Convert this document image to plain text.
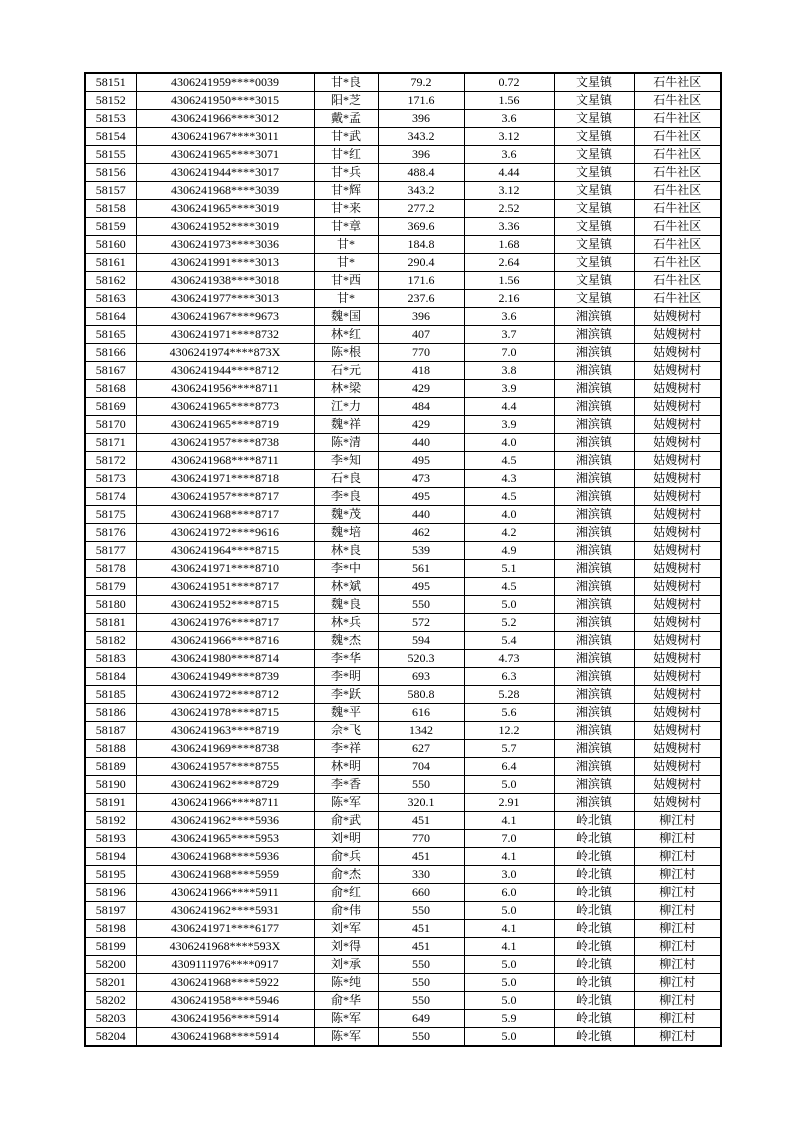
58151	4306241959****0039	甘*良	79.2	0.72	文星镇	石牛社区
58152	4306241950****3015	阳*芝	171.6	1.56	文星镇	石牛社区
58153	4306241966****3012	戴*孟	396	3.6	文星镇	石牛社区
58154	4306241967****3011	甘*武	343.2	3.12	文星镇	石牛社区
58155	4306241965****3071	甘*红	396	3.6	文星镇	石牛社区
58156	4306241944****3017	甘*兵	488.4	4.44	文星镇	石牛社区
58157	4306241968****3039	甘*辉	343.2	3.12	文星镇	石牛社区
58158	4306241965****3019	甘*来	277.2	2.52	文星镇	石牛社区
58159	4306241952****3019	甘*章	369.6	3.36	文星镇	石牛社区
58160	4306241973****3036	甘*	184.8	1.68	文星镇	石牛社区
58161	4306241991****3013	甘*	290.4	2.64	文星镇	石牛社区
58162	4306241938****3018	甘*西	171.6	1.56	文星镇	石牛社区
58163	4306241977****3013	甘*	237.6	2.16	文星镇	石牛社区
58164	4306241967****9673	魏*国	396	3.6	湘滨镇	姑嫂树村
58165	4306241971****8732	林*红	407	3.7	湘滨镇	姑嫂树村
58166	4306241974****873X	陈*根	770	7.0	湘滨镇	姑嫂树村
58167	4306241944****8712	石*元	418	3.8	湘滨镇	姑嫂树村
58168	4306241956****8711	林*梁	429	3.9	湘滨镇	姑嫂树村
58169	4306241965****8773	江*力	484	4.4	湘滨镇	姑嫂树村
58170	4306241965****8719	魏*祥	429	3.9	湘滨镇	姑嫂树村
58171	4306241957****8738	陈*清	440	4.0	湘滨镇	姑嫂树村
58172	4306241968****8711	李*知	495	4.5	湘滨镇	姑嫂树村
58173	4306241971****8718	石*良	473	4.3	湘滨镇	姑嫂树村
58174	4306241957****8717	李*良	495	4.5	湘滨镇	姑嫂树村
58175	4306241968****8717	魏*茂	440	4.0	湘滨镇	姑嫂树村
58176	4306241972****9616	魏*培	462	4.2	湘滨镇	姑嫂树村
58177	4306241964****8715	林*良	539	4.9	湘滨镇	姑嫂树村
58178	4306241971****8710	李*中	561	5.1	湘滨镇	姑嫂树村
58179	4306241951****8717	林*斌	495	4.5	湘滨镇	姑嫂树村
58180	4306241952****8715	魏*良	550	5.0	湘滨镇	姑嫂树村
58181	4306241976****8717	林*兵	572	5.2	湘滨镇	姑嫂树村
58182	4306241966****8716	魏*杰	594	5.4	湘滨镇	姑嫂树村
58183	4306241980****8714	李*华	520.3	4.73	湘滨镇	姑嫂树村
58184	4306241949****8739	李*明	693	6.3	湘滨镇	姑嫂树村
58185	4306241972****8712	李*跃	580.8	5.28	湘滨镇	姑嫂树村
58186	4306241978****8715	魏*平	616	5.6	湘滨镇	姑嫂树村
58187	4306241963****8719	佘*飞	1342	12.2	湘滨镇	姑嫂树村
58188	4306241969****8738	李*祥	627	5.7	湘滨镇	姑嫂树村
58189	4306241957****8755	林*明	704	6.4	湘滨镇	姑嫂树村
58190	4306241962****8729	李*香	550	5.0	湘滨镇	姑嫂树村
58191	4306241966****8711	陈*军	320.1	2.91	湘滨镇	姑嫂树村
58192	4306241962****5936	俞*武	451	4.1	岭北镇	柳江村
58193	4306241965****5953	刘*明	770	7.0	岭北镇	柳江村
58194	4306241968****5936	俞*兵	451	4.1	岭北镇	柳江村
58195	4306241968****5959	俞*杰	330	3.0	岭北镇	柳江村
58196	4306241966****5911	俞*红	660	6.0	岭北镇	柳江村
58197	4306241962****5931	俞*伟	550	5.0	岭北镇	柳江村
58198	4306241971****6177	刘*军	451	4.1	岭北镇	柳江村
58199	4306241968****593X	刘*得	451	4.1	岭北镇	柳江村
58200	4309111976****0917	刘*承	550	5.0	岭北镇	柳江村
58201	4306241968****5922	陈*纯	550	5.0	岭北镇	柳江村
58202	4306241958****5946	俞*华	550	5.0	岭北镇	柳江村
58203	4306241956****5914	陈*军	649	5.9	岭北镇	柳江村
58204	4306241968****5914	陈*军	550	5.0	岭北镇	柳江村
